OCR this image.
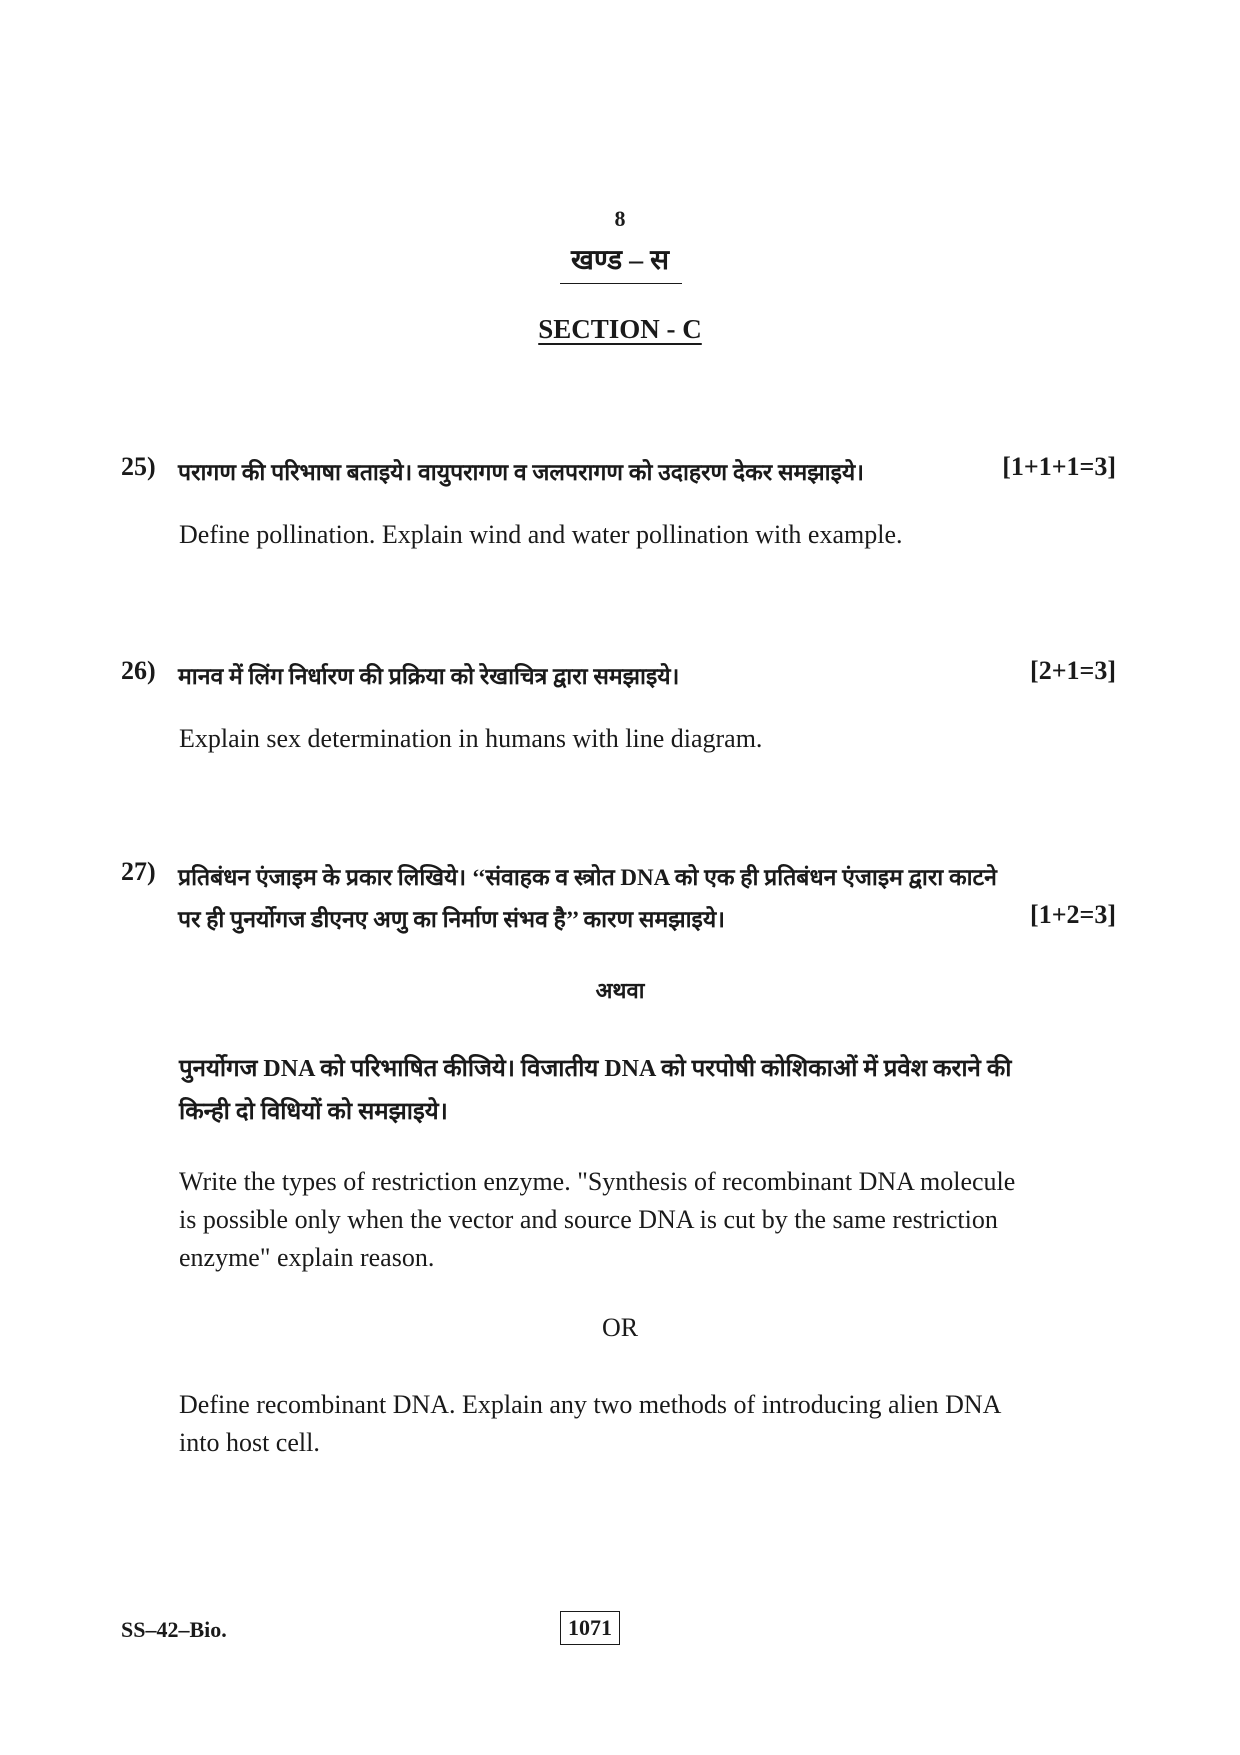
8
खण्ड – स
SECTION - C
25) परागण की परिभाषा बताइये। वायुपरागण व जलपरागण को उदाहरण देकर समझाइये।	[1+1+1=3]
Define pollination. Explain wind and water pollination with example.
26) मानव में लिंग निर्धारण की प्रक्रिया को रेखाचित्र द्वारा समझाइये।	[2+1=3]
Explain sex determination in humans with line diagram.
27) प्रतिबंधन एंजाइम के प्रकार लिखिये। ‘‘संवाहक व स्त्रोत DNA को एक ही प्रतिबंधन एंजाइम द्वारा काटने
पर ही पुनर्योगज डीएनए अणु का निर्माण संभव है’’ कारण समझाइये।	[1+2=3]
अथवा
पुनर्योगज DNA को परिभाषित कीजिये। विजातीय DNA को परपोषी कोशिकाओं में प्रवेश कराने की
किन्ही दो विधियों को समझाइये।
Write the types of restriction enzyme. "Synthesis of recombinant DNA molecule
is possible only when the vector and source DNA is cut by the same restriction
enzyme" explain reason.
OR
Define recombinant DNA. Explain any two methods of introducing alien DNA
into host cell.
SS–42–Bio.	1071
